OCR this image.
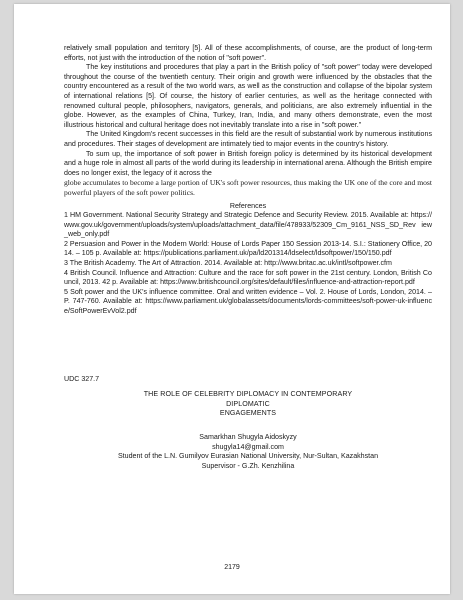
relatively small population and territory [5]. All of these accomplishments, of course, are the product of long-term efforts, not just with the introduction of the notion of "soft power".

The key institutions and procedures that play a part in the British policy of "soft power" today were developed throughout the course of the twentieth century. Their origin and growth were influenced by the obstacles that the country encountered as a result of the two world wars, as well as the construction and collapse of the bipolar system of international relations [5]. Of course, the history of earlier centuries, as well as the heritage connected with renowned cultural people, philosophers, navigators, generals, and politicians, are also extremely influential in the globe. However, as the examples of China, Turkey, Iran, India, and many others demonstrate, even the most illustrious historical and cultural heritage does not inevitably translate into a rise in "soft power."

The United Kingdom's recent successes in this field are the result of substantial work by numerous institutions and procedures. Their stages of development are intimately tied to major events in the country's history.

To sum up, the importance of soft power in British foreign policy is determined by its historical development and a huge role in almost all parts of the world during its leadership in international arena. Although the British empire does no longer exist, the legacy of it across the

globe accumulates to become a large portion of UK's soft power resources, thus making the UK one of the core and most powerful players of the soft power politics.

References

1 HM Government. National Security Strategy and Strategic Defence and Security Review. 2015. Available at: https://www.gov.uk/government/uploads/system/uploads/attachment_data/file/478933/52309_Cm_9161_NSS_SD_Rev iew_web_only.pdf

2 Persuasion and Power in the Modern World: House of Lords Paper 150 Session 2013-14. S.I.: Stationery Office, 2014. – 105 p. Available at: https://publications.parliament.uk/pa/ld201314/ldselect/ldsoftpower/150/150.pdf

3 The British Academy. The Art of Attraction. 2014. Available at: http://www.britac.ac.uk/intl/softpower.cfm

4 British Council. Influence and Attraction: Culture and the race for soft power in the 21st century. London, British Council, 2013. 42 p. Available at: https://www.britishcouncil.org/sites/default/files/influence-and-attraction-report.pdf

5 Soft power and the UK's influence committee. Oral and written evidence – Vol. 2. House of Lords, London, 2014. – P. 747-760. Available at: https://www.parliament.uk/globalassets/documents/lords-committees/soft-power-uk-influence/SoftPowerEvVol2.pdf

UDC 327.7

THE ROLE OF CELEBRITY DIPLOMACY IN CONTEMPORARY

DIPLOMATIC

ENGAGEMENTS

Samarkhan Shugyla Aidoskyzy

shugyla14@gmail.com

Student of the L.N. Gumilyov Eurasian National University, Nur-Sultan, Kazakhstan

Supervisor - G.Zh. Kenzhilina

2179
